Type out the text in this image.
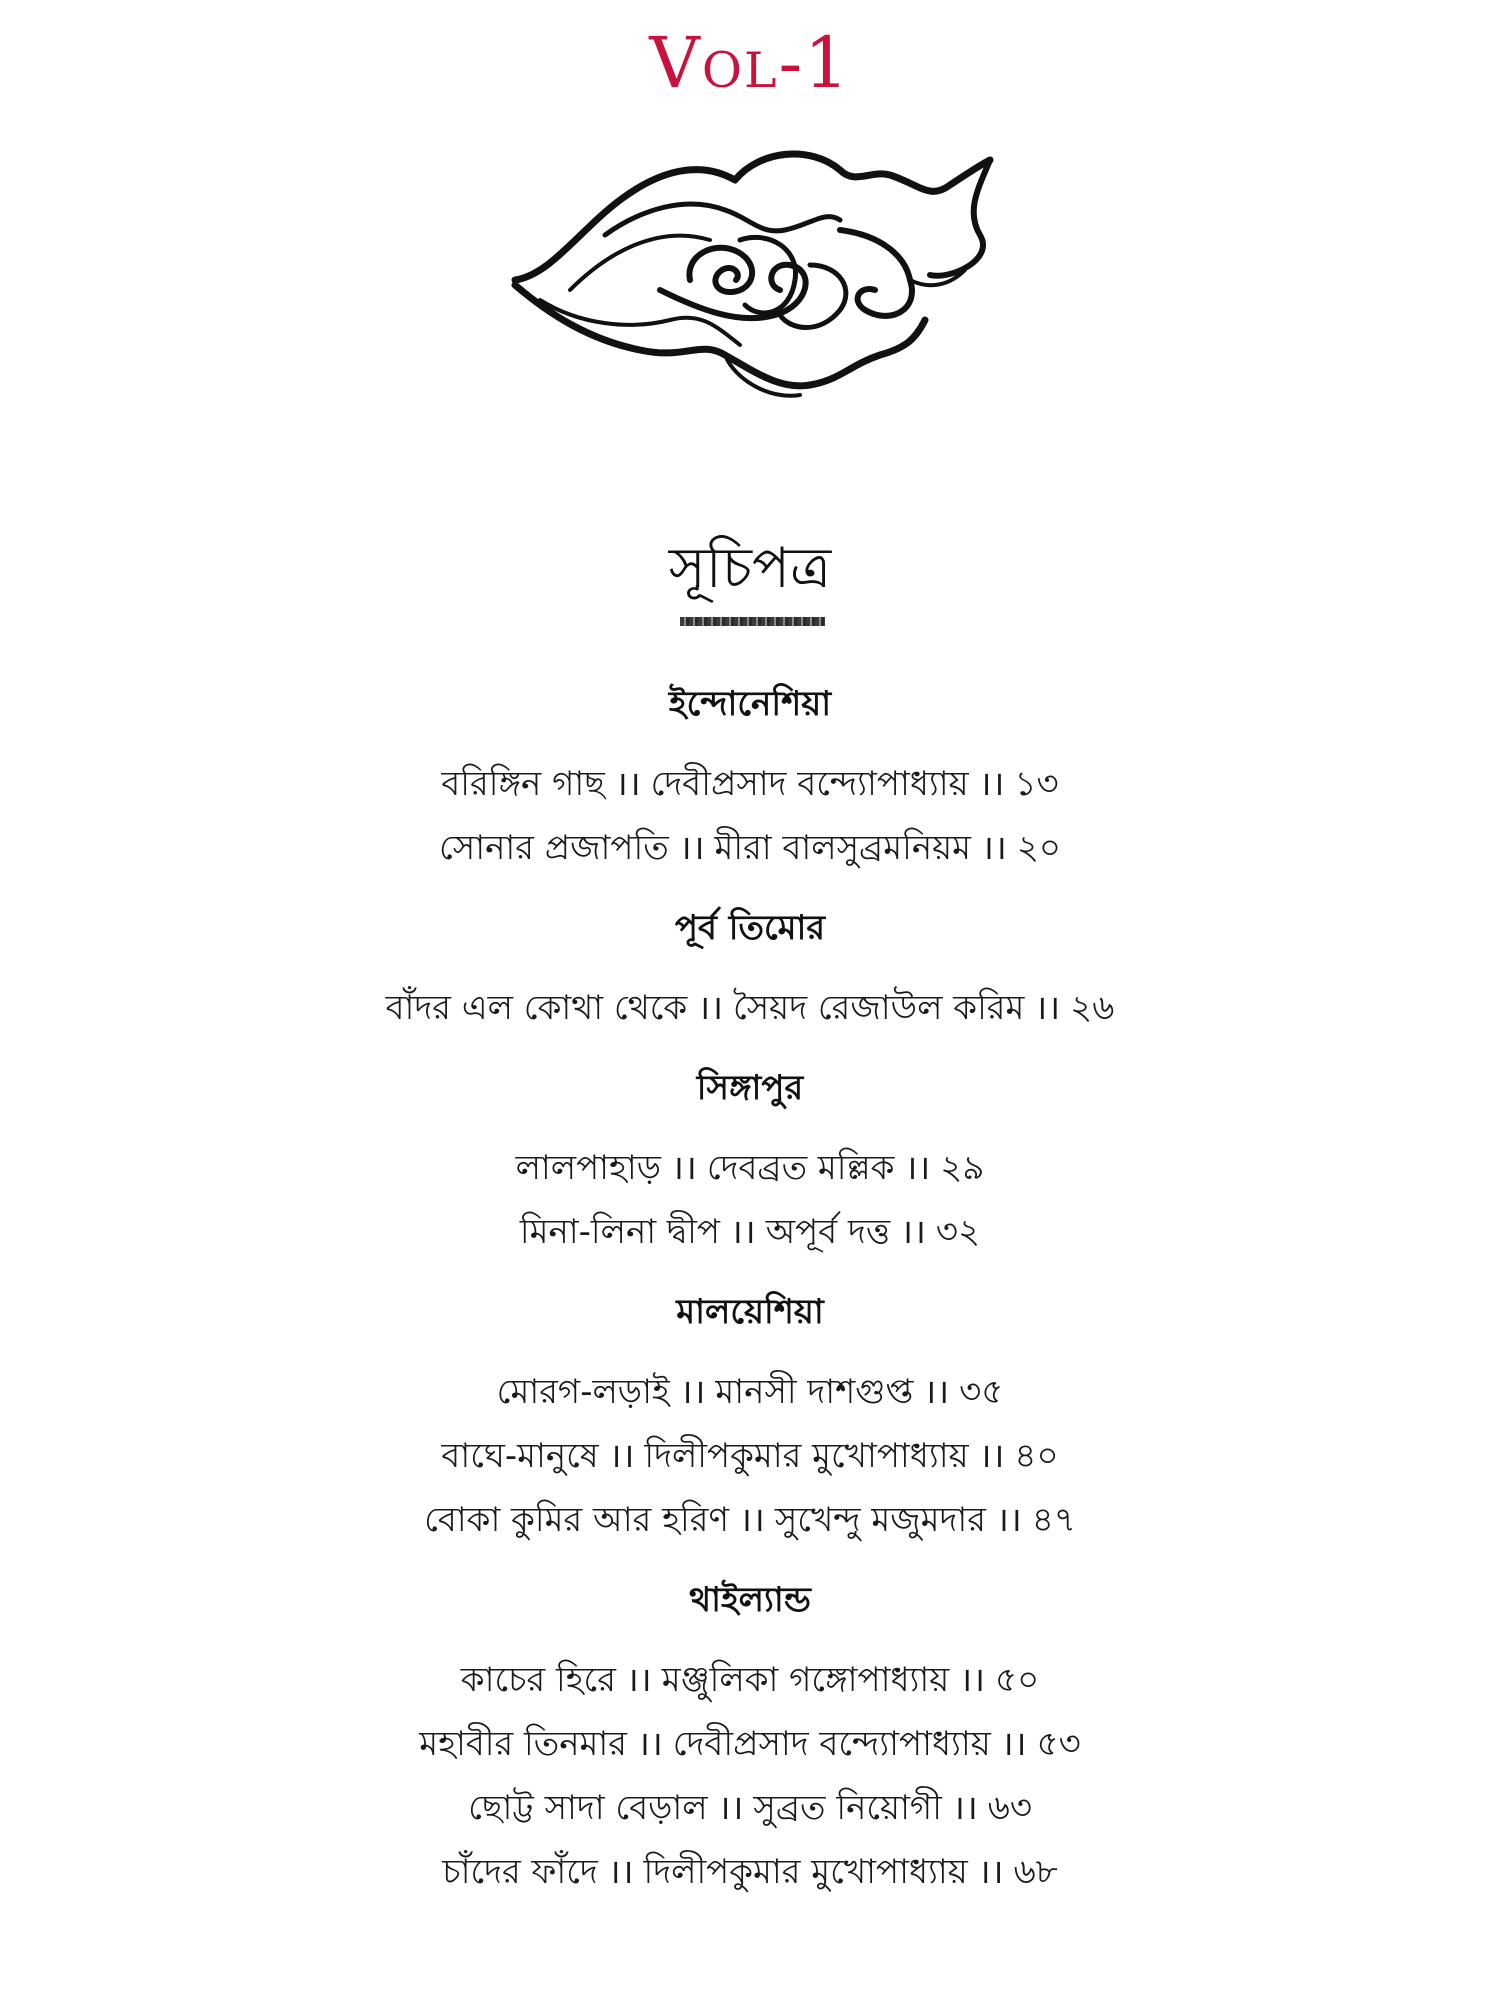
Vol-1
সূচিপত্র
ইন্দোনেশিয়া
বরিঙ্গিন গাছ ।। দেবীপ্রসাদ বন্দ্যোপাধ্যায় ।। ১৩
সোনার প্রজাপতি ।। মীরা বালসুব্রমনিয়ম ।। ২০
পূর্ব তিমোর
বাঁদর এল কোথা থেকে ।। সৈয়দ রেজাউল করিম ।। ২৬
সিঙ্গাপুর
লালপাহাড় ।। দেবব্রত মল্লিক ।। ২৯
মিনা-লিনা দ্বীপ ।। অপূর্ব দত্ত ।। ৩২
মালয়েশিয়া
মোরগ-লড়াই ।। মানসী দাশগুপ্ত ।। ৩৫
বাঘে-মানুষে ।। দিলীপকুমার মুখোপাধ্যায় ।। ৪০
বোকা কুমির আর হরিণ ।। সুখেন্দু মজুমদার ।। ৪৭
থাইল্যান্ড
কাচের হিরে ।। মঞ্জুলিকা গঙ্গোপাধ্যায় ।। ৫০
মহাবীর তিনমার ।। দেবীপ্রসাদ বন্দ্যোপাধ্যায় ।। ৫৩
ছোট্ট সাদা বেড়াল ।। সুব্রত নিয়োগী ।। ৬৩
চাঁদের ফাঁদে ।। দিলীপকুমার মুখোপাধ্যায় ।। ৬৮
